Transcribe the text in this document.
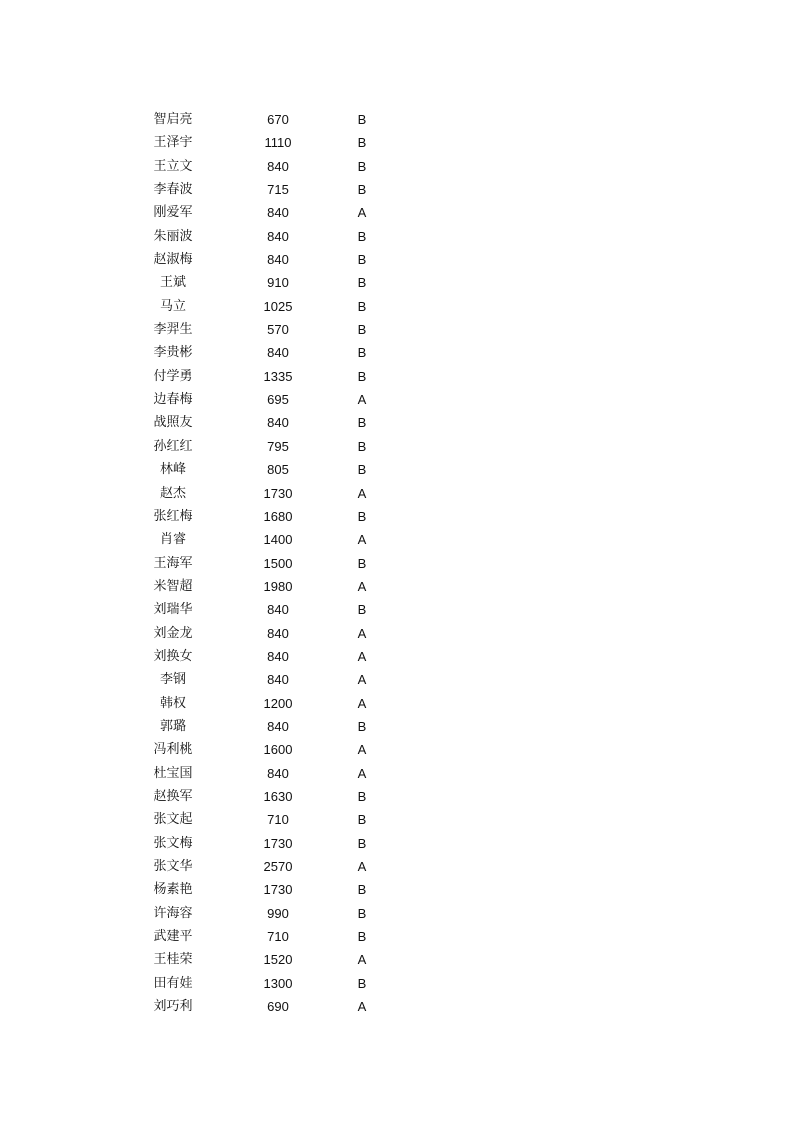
智启亮	670	B
王泽宇	1110	B
王立文	840	B
李春波	715	B
刚爱军	840	A
朱丽波	840	B
赵淑梅	840	B
王斌	910	B
马立	1025	B
李羿生	570	B
李贵彬	840	B
付学勇	1335	B
边春梅	695	A
战照友	840	B
孙红红	795	B
林峰	805	B
赵杰	1730	A
张红梅	1680	B
肖睿	1400	A
王海军	1500	B
米智超	1980	A
刘瑞华	840	B
刘金龙	840	A
刘换女	840	A
李钢	840	A
韩权	1200	A
郭璐	840	B
冯利桃	1600	A
杜宝国	840	A
赵换军	1630	B
张文起	710	B
张文梅	1730	B
张文华	2570	A
杨素艳	1730	B
许海容	990	B
武建平	710	B
王桂荣	1520	A
田有娃	1300	B
刘巧利	690	A
